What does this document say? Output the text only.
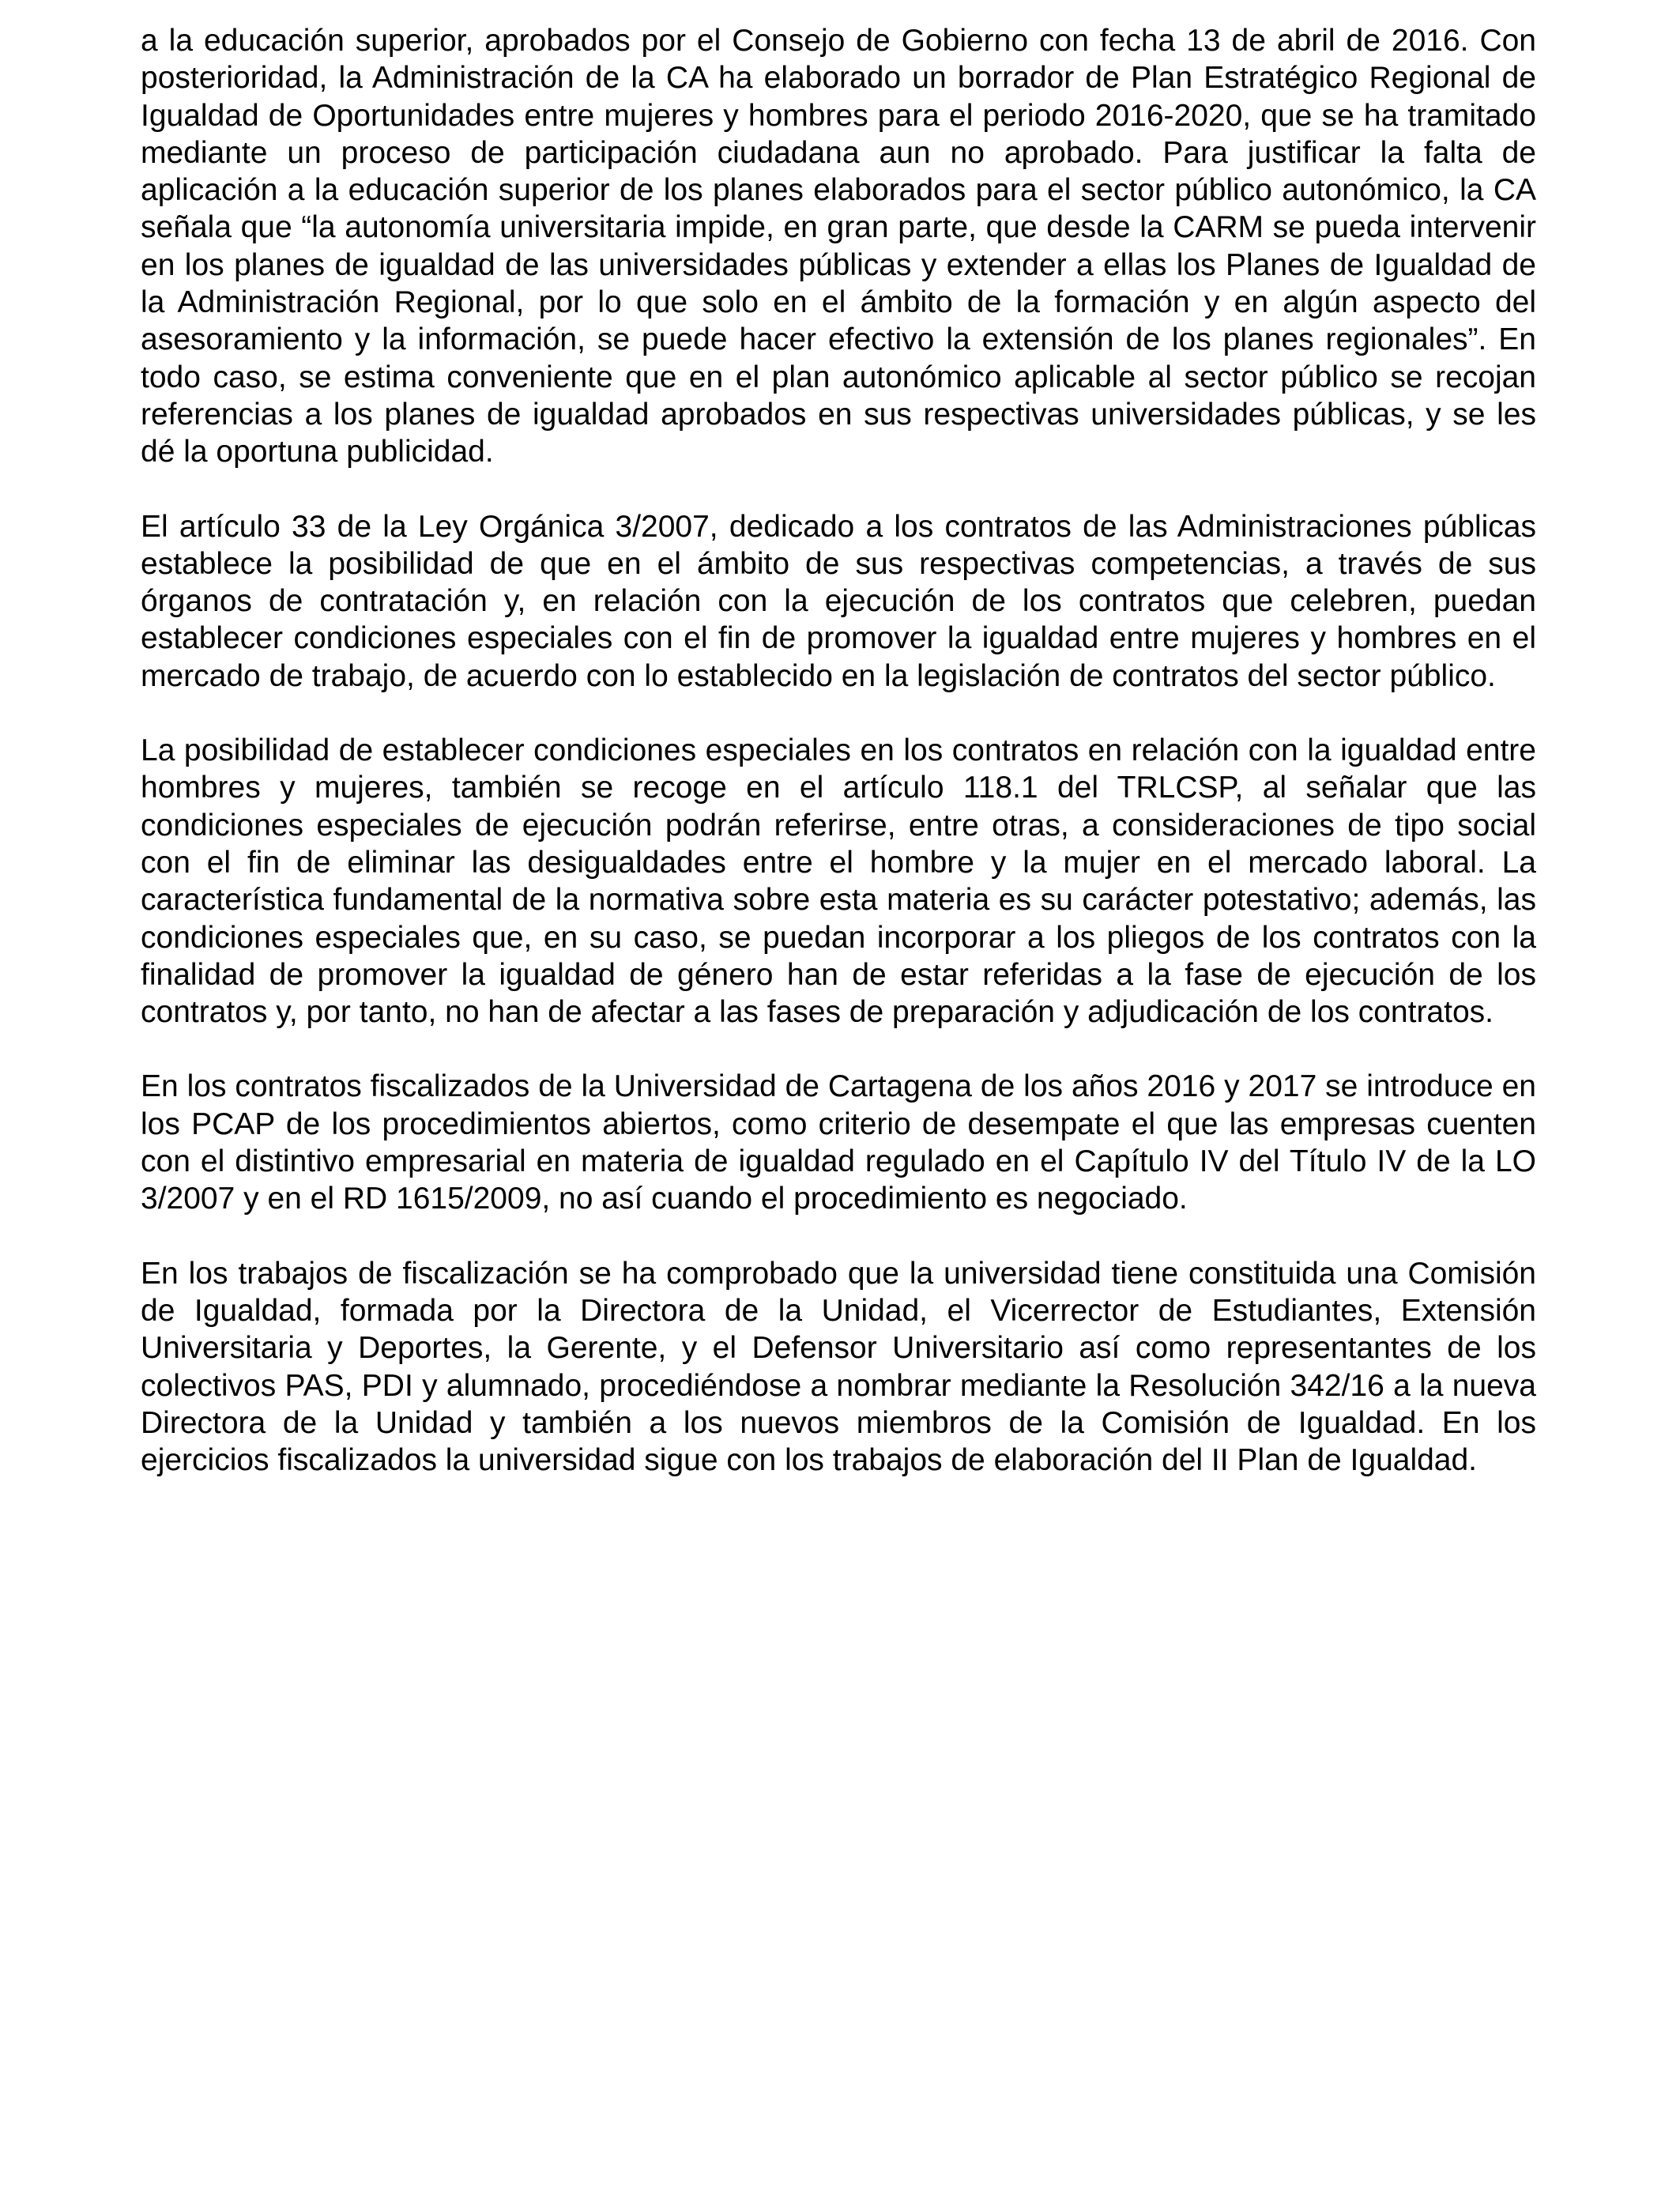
a la educación superior, aprobados por el Consejo de Gobierno con fecha 13 de abril de 2016. Con posterioridad, la Administración de la CA ha elaborado un borrador de Plan Estratégico Regional de Igualdad de Oportunidades entre mujeres y hombres para el periodo 2016-2020, que se ha tramitado mediante un proceso de participación ciudadana aun no aprobado. Para justificar la falta de aplicación a la educación superior de los planes elaborados para el sector público autonómico, la CA señala que “la autonomía universitaria impide, en gran parte, que desde la CARM se pueda intervenir en los planes de igualdad de las universidades públicas y extender a ellas los Planes de Igualdad de la Administración Regional, por lo que solo en el ámbito de la formación y en algún aspecto del asesoramiento y la información, se puede hacer efectivo la extensión de los planes regionales”. En todo caso, se estima conveniente que en el plan autonómico aplicable al sector público se recojan referencias a los planes de igualdad aprobados en sus respectivas universidades públicas, y se les dé la oportuna publicidad.

El artículo 33 de la Ley Orgánica 3/2007, dedicado a los contratos de las Administraciones públicas establece la posibilidad de que en el ámbito de sus respectivas competencias, a través de sus órganos de contratación y, en relación con la ejecución de los contratos que celebren, puedan establecer condiciones especiales con el fin de promover la igualdad entre mujeres y hombres en el mercado de trabajo, de acuerdo con lo establecido en la legislación de contratos del sector público.

La posibilidad de establecer condiciones especiales en los contratos en relación con la igualdad entre hombres y mujeres, también se recoge en el artículo 118.1 del TRLCSP, al señalar que las condiciones especiales de ejecución podrán referirse, entre otras, a consideraciones de tipo social con el fin de eliminar las desigualdades entre el hombre y la mujer en el mercado laboral. La característica fundamental de la normativa sobre esta materia es su carácter potestativo; además, las condiciones especiales que, en su caso, se puedan incorporar a los pliegos de los contratos con la finalidad de promover la igualdad de género han de estar referidas a la fase de ejecución de los contratos y, por tanto, no han de afectar a las fases de preparación y adjudicación de los contratos.

En los contratos fiscalizados de la Universidad de Cartagena de los años 2016 y 2017 se introduce en los PCAP de los procedimientos abiertos, como criterio de desempate el que las empresas cuenten con el distintivo empresarial en materia de igualdad regulado en el Capítulo IV del Título IV de la LO 3/2007 y en el RD 1615/2009, no así cuando el procedimiento es negociado.

En los trabajos de fiscalización se ha comprobado que la universidad tiene constituida una Comisión de Igualdad, formada por la Directora de la Unidad, el Vicerrector de Estudiantes, Extensión Universitaria y Deportes, la Gerente, y el Defensor Universitario así como representantes de los colectivos PAS, PDI y alumnado, procediéndose a nombrar mediante la Resolución 342/16 a la nueva Directora de la Unidad y también a los nuevos miembros de la Comisión de Igualdad. En los ejercicios fiscalizados la universidad sigue con los trabajos de elaboración del II Plan de Igualdad.
